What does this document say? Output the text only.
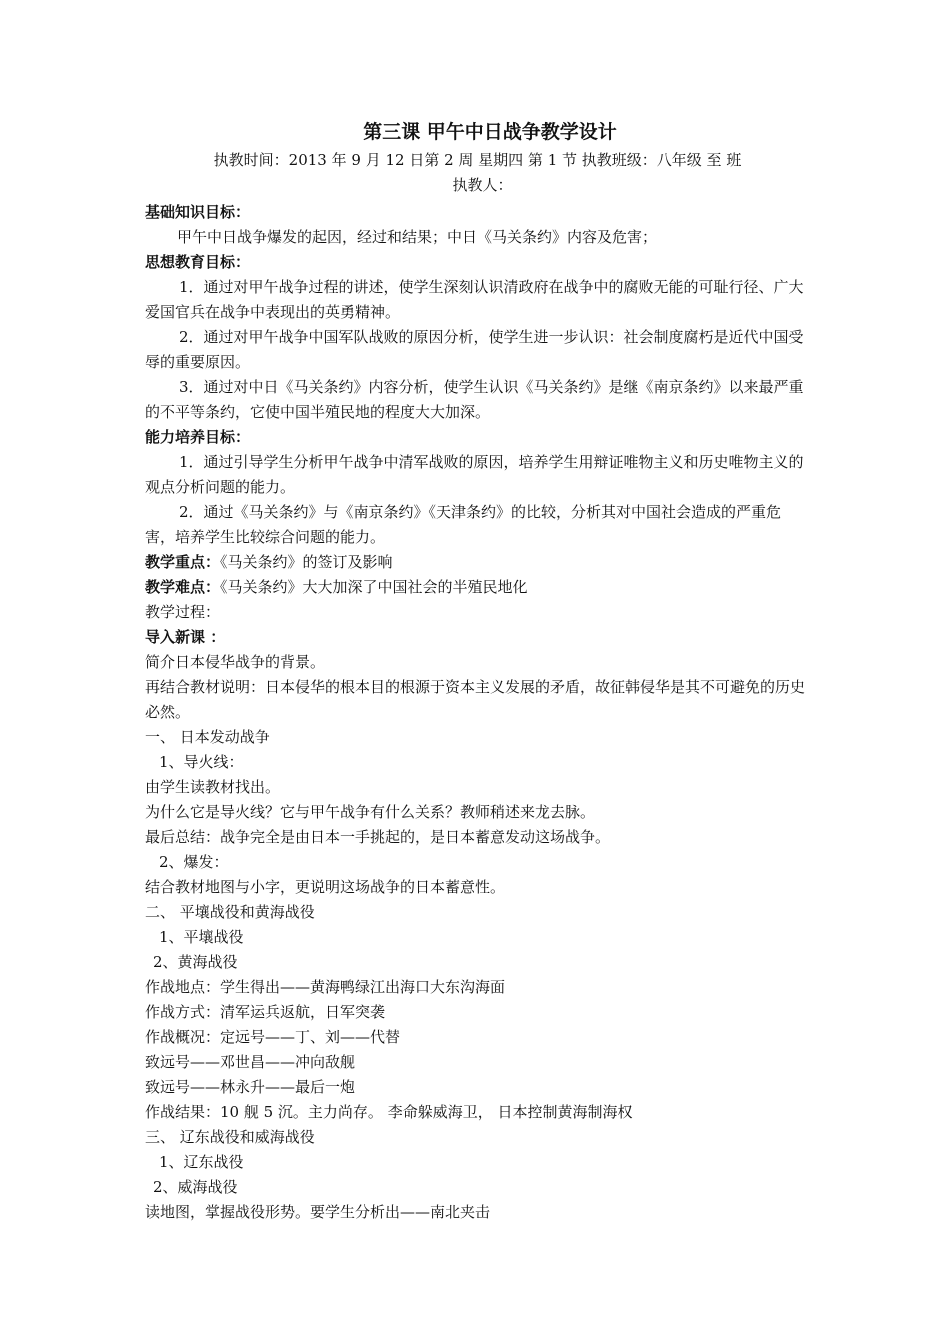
第三课 甲午中日战争教学设计

执教时间：2013 年 9 月 12 日第 2 周 星期四 第 1 节 执教班级：八年级 至 班

执教人：

基础知识目标：

甲午中日战争爆发的起因，经过和结果；中日《马关条约》内容及危害；

思想教育目标：

1．通过对甲午战争过程的讲述，使学生深刻认识清政府在战争中的腐败无能的可耻行径、广大爱国官兵在战争中表现出的英勇精神。

2．通过对甲午战争中国军队战败的原因分析，使学生进一步认识：社会制度腐朽是近代中国受辱的重要原因。

3．通过对中日《马关条约》内容分析，使学生认识《马关条约》是继《南京条约》以来最严重的不平等条约，它使中国半殖民地的程度大大加深。

能力培养目标：

1．通过引导学生分析甲午战争中清军战败的原因，培养学生用辩证唯物主义和历史唯物主义的观点分析问题的能力。

2．通过《马关条约》与《南京条约》《天津条约》的比较，分析其对中国社会造成的严重危害，培养学生比较综合问题的能力。

教学重点：《马关条约》的签订及影响

教学难点：《马关条约》大大加深了中国社会的半殖民地化

教学过程：

导入新课 ：

简介日本侵华战争的背景。

再结合教材说明：日本侵华的根本目的根源于资本主义发展的矛盾，故征韩侵华是其不可避免的历史必然。

一、 日本发动战争

1、导火线：

由学生读教材找出。

为什么它是导火线？它与甲午战争有什么关系？教师稍述来龙去脉。

最后总结：战争完全是由日本一手挑起的，是日本蓄意发动这场战争。

2、爆发：

结合教材地图与小字，更说明这场战争的日本蓄意性。

二、 平壤战役和黄海战役

1、平壤战役

2、黄海战役

作战地点：学生得出——黄海鸭绿江出海口大东沟海面

作战方式：清军运兵返航，日军突袭

作战概况：定远号——丁、刘——代替

致远号——邓世昌——冲向敌舰

致远号——林永升——最后一炮

作战结果：10 舰 5 沉。主力尚存。 李命躲威海卫， 日本控制黄海制海权

三、 辽东战役和威海战役

1、辽东战役

2、威海战役

读地图，掌握战役形势。要学生分析出——南北夹击
